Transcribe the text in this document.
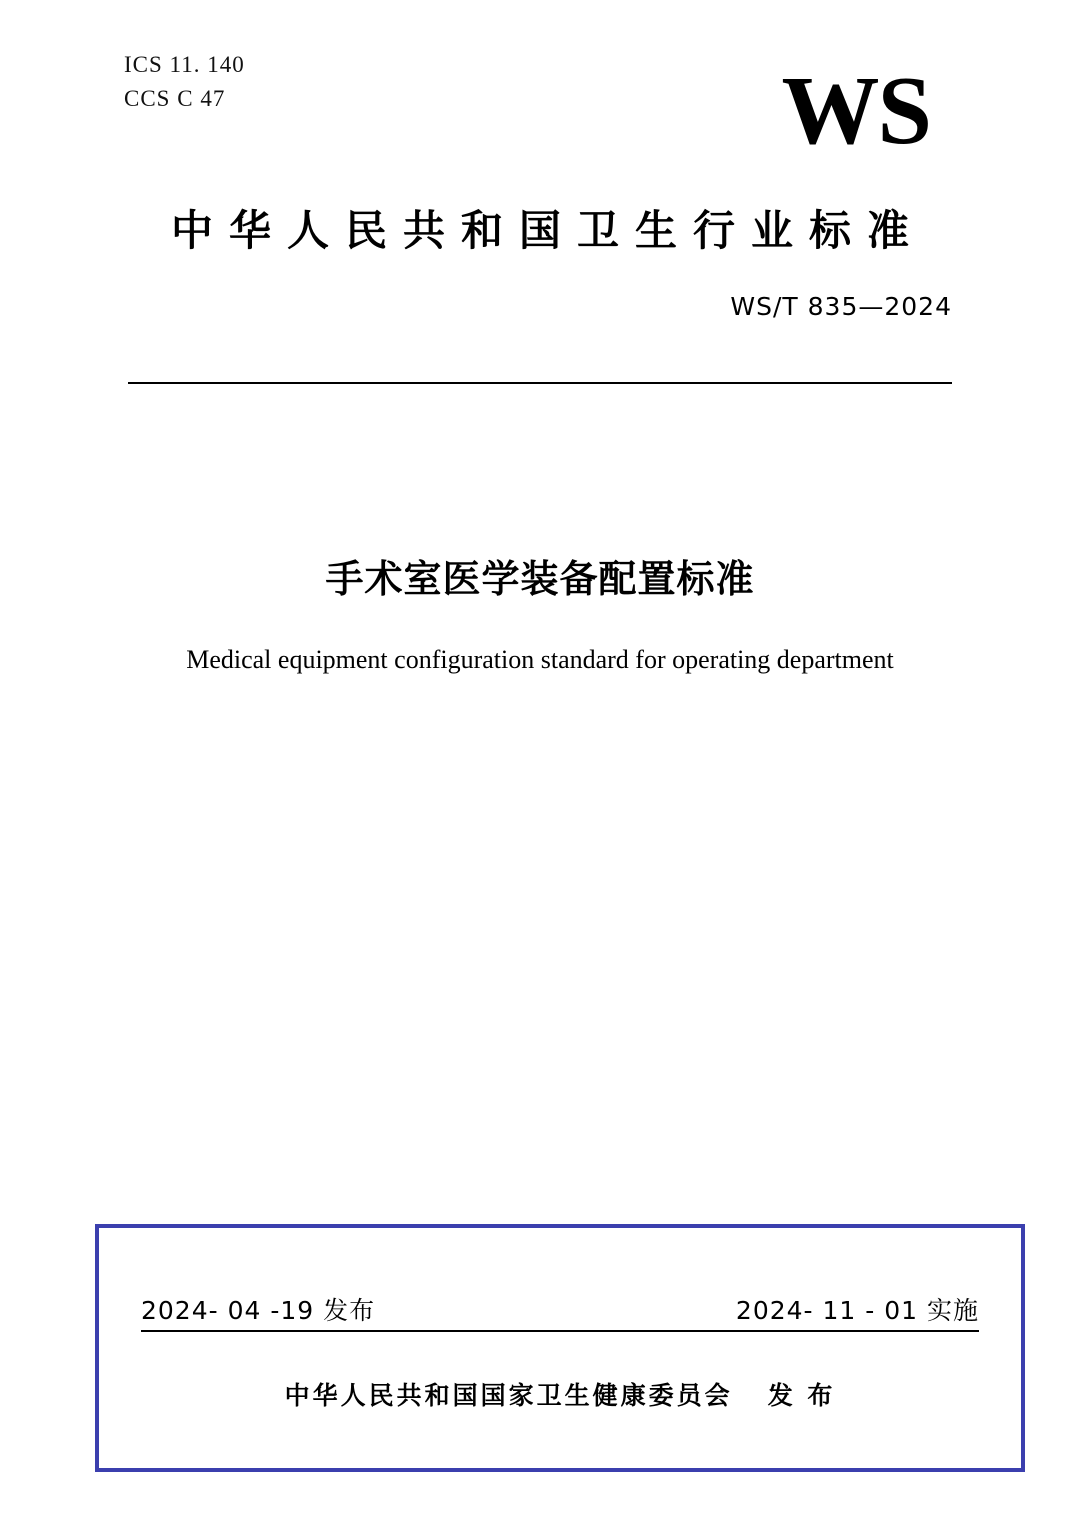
ICS 11. 140
CCS C 47	WS
中华人民共和国卫生行业标准
WS/T 835—2024
手术室医学装备配置标准
Medical equipment configuration standard for operating department
2024- 04 -19 发布	2024- 11 - 01 实施
中华人民共和国国家卫生健康委员会   发 布
